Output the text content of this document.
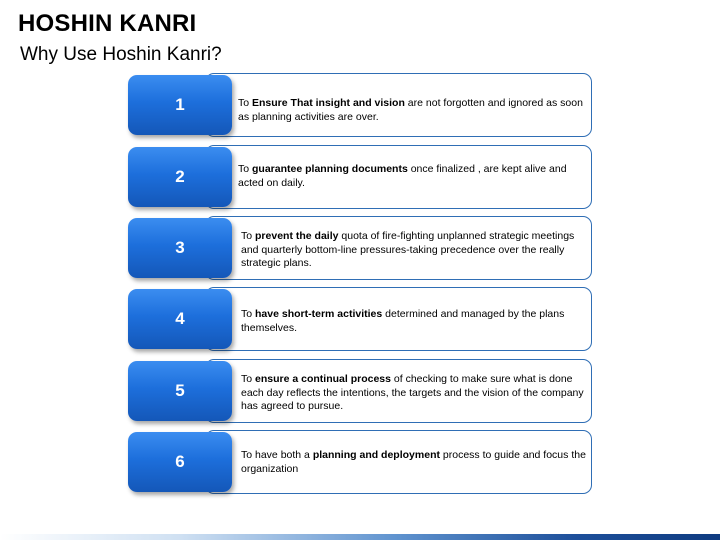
HOSHIN KANRI
Why Use Hoshin Kanri?
To Ensure That insight and vision are not forgotten and ignored as soon as planning activities are over.
1
To guarantee planning documents once finalized , are kept alive and acted on daily.
2
To prevent the daily quota of fire-fighting unplanned strategic meetings and quarterly bottom-line pressures-taking precedence over the really strategic plans.
3
To have short-term activities determined and managed by the plans themselves.
4
To ensure a continual process of checking to make sure what is done each day reflects the intentions, the targets and the vision of the company has agreed to pursue.
5
To have both a planning and deployment process to guide and focus the organization
6
